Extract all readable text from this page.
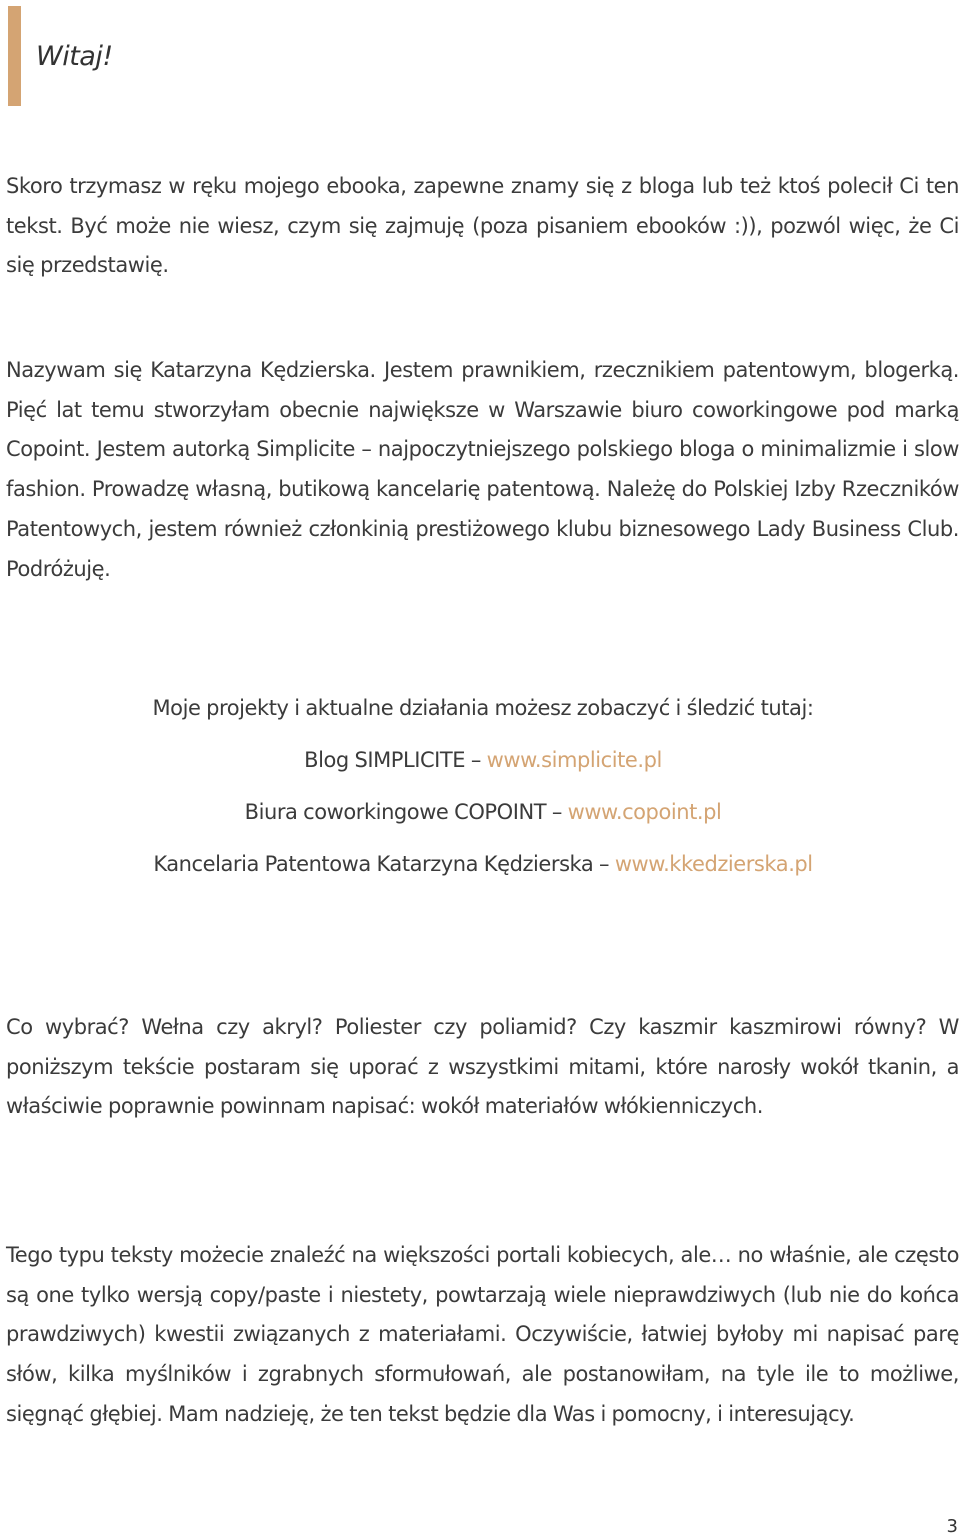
Witaj!

Skoro trzymasz w ręku mojego ebooka, zapewne znamy się z bloga lub też ktoś polecił Ci ten tekst. Być może nie wiesz, czym się zajmuję (poza pisaniem ebooków :)), pozwól więc, że Ci się przedstawię.

Nazywam się Katarzyna Kędzierska. Jestem prawnikiem, rzecznikiem patentowym, blogerką. Pięć lat temu stworzyłam obecnie największe w Warszawie biuro coworkingowe pod marką Copoint. Jestem autorką Simplicite – najpoczytniejszego polskiego bloga o minimalizmie i slow fashion. Prowadzę własną, butikową kancelarię patentową. Należę do Polskiej Izby Rzeczników Patentowych, jestem również członkinią prestiżowego klubu biznesowego Lady Business Club. Podróżuję.

Moje projekty i aktualne działania możesz zobaczyć i śledzić tutaj:
Blog SIMPLICITE – www.simplicite.pl
Biura coworkingowe COPOINT – www.copoint.pl
Kancelaria Patentowa Katarzyna Kędzierska – www.kkedzierska.pl

Co wybrać? Wełna czy akryl? Poliester czy poliamid? Czy kaszmir kaszmirowi równy? W poniższym tekście postaram się uporać z wszystkimi mitami, które narosły wokół tkanin, a właściwie poprawnie powinnam napisać: wokół materiałów włókienniczych.

Tego typu teksty możecie znaleźć na większości portali kobiecych, ale… no właśnie, ale często są one tylko wersją copy/paste i niestety, powtarzają wiele nieprawdziwych (lub nie do końca prawdziwych) kwestii związanych z materiałami. Oczywiście, łatwiej byłoby mi napisać parę słów, kilka myślników i zgrabnych sformułowań, ale postanowiłam, na tyle ile to możliwe, sięgnąć głębiej. Mam nadzieję, że ten tekst będzie dla Was i pomocny, i interesujący.

3
